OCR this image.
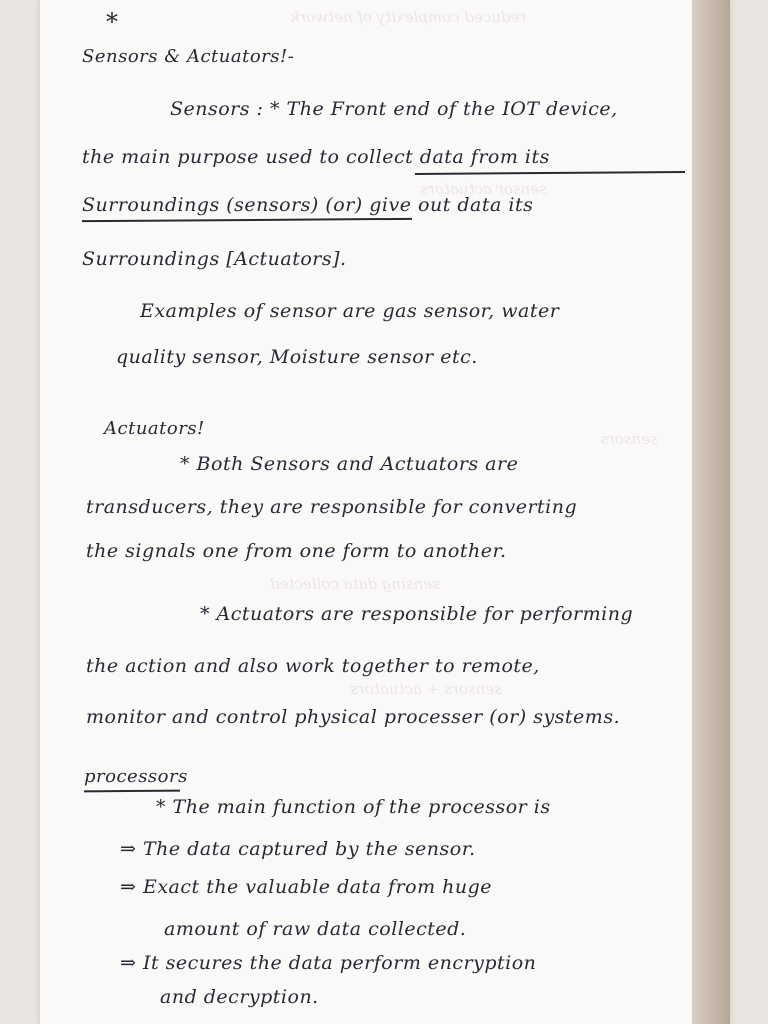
reduced complexity of network
sensor actuators
sensors
sensing data collected
sensors + actuators
*
Sensors & Actuators!-
Sensors : * The Front end of the IOT device,
the main purpose used to collect data from its
Surroundings (sensors) (or) give out data its
Surroundings [Actuators].
Examples of sensor are gas sensor, water
quality sensor, Moisture sensor etc.
Actuators!
* Both Sensors and Actuators are
transducers, they are responsible for converting
the signals one from one form to another.
* Actuators are responsible for performing
the action and also work together to remote,
monitor and control physical processer (or) systems.
processors
* The main function of the processor is
⇒ The data captured by the sensor.
⇒ Exact the valuable data from huge
amount of raw data collected.
⇒ It secures the data perform encryption
and decryption.
